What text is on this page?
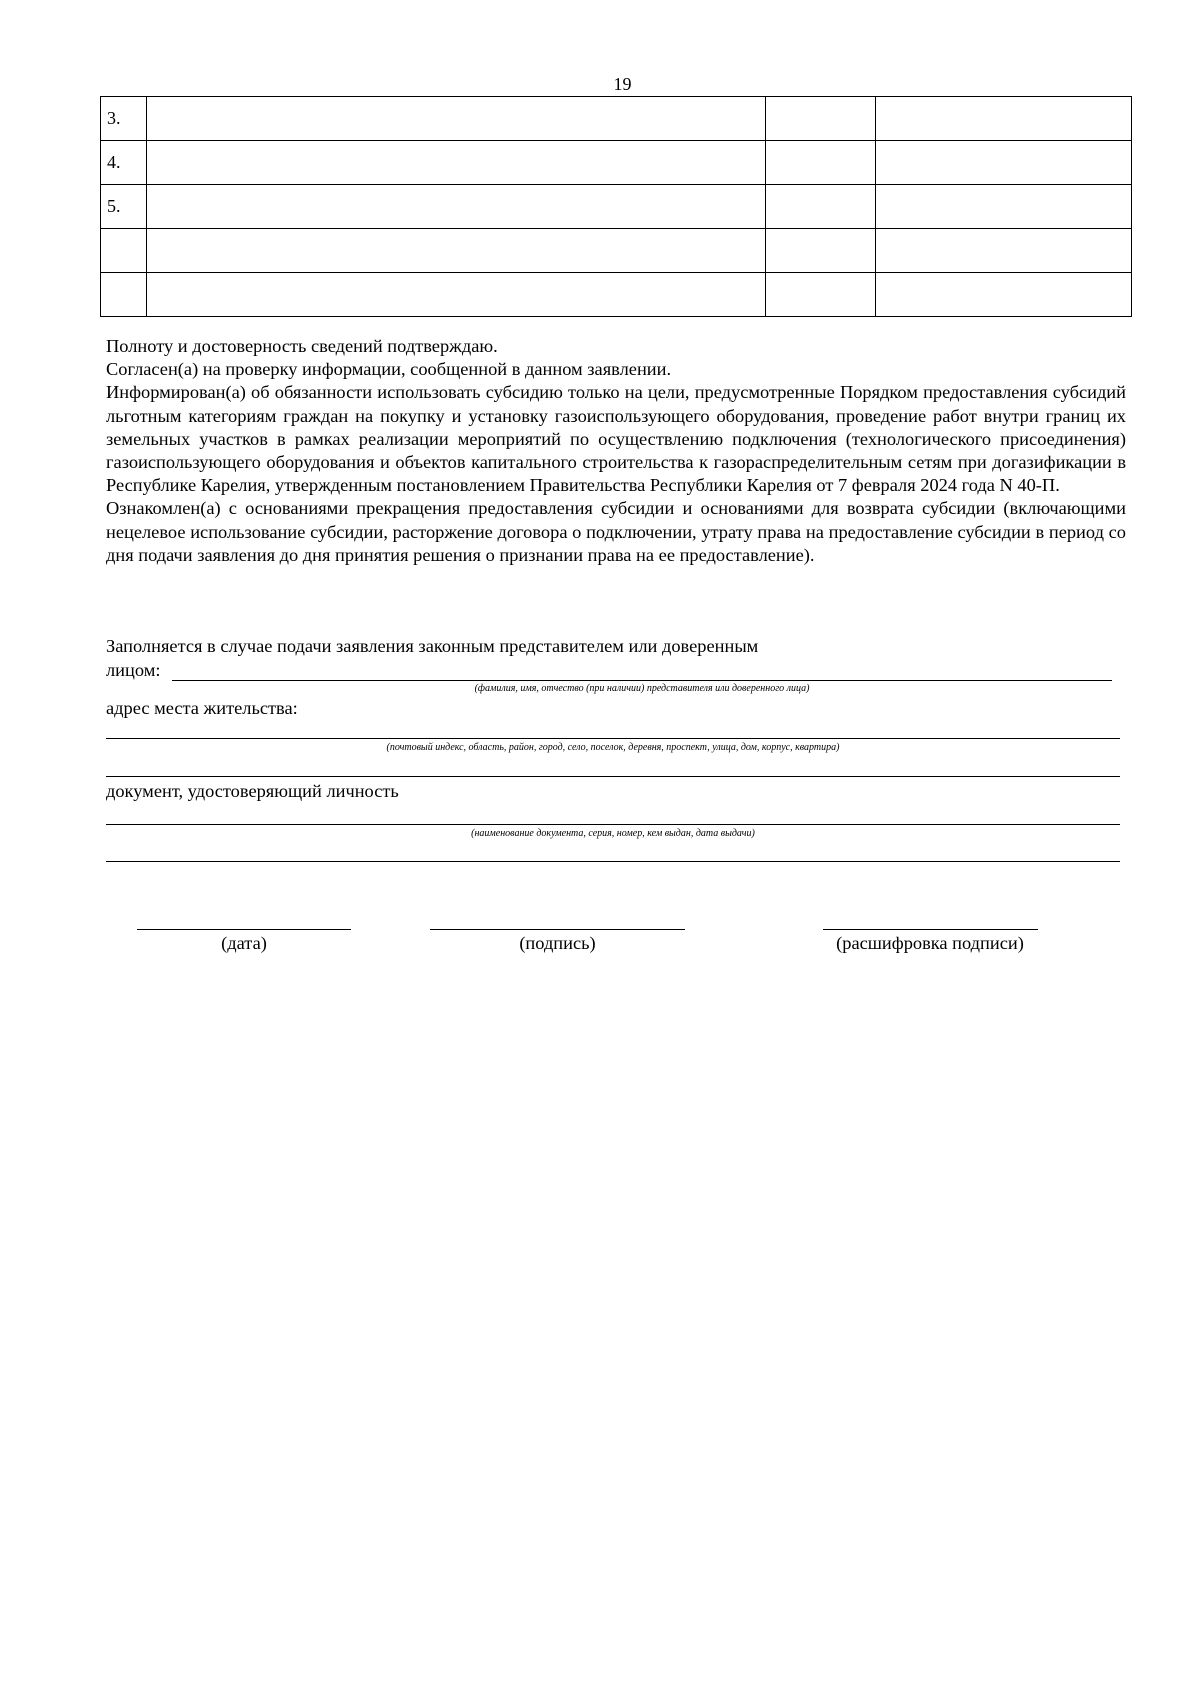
19
3.			
4.			
5.			

Полноту и достоверность сведений подтверждаю.

Согласен(а) на проверку информации, сообщенной в данном заявлении.

Информирован(а) об обязанности использовать субсидию только на цели, предусмотренные Порядком предоставления субсидий льготным категориям граждан на покупку и установку газоиспользующего оборудования, проведение работ внутри границ их земельных участков в рамках реализации мероприятий по осуществлению подключения (технологического присоединения) газоиспользующего оборудования и объектов капитального строительства к газораспределительным сетям при догазификации в Республике Карелия, утвержденным постановлением Правительства Республики Карелия от 7 февраля 2024 года N 40-П.

Ознакомлен(а) с основаниями прекращения предоставления субсидии и основаниями для возврата субсидии (включающими нецелевое использование субсидии, расторжение договора о подключении, утрату права на предоставление субсидии в период со дня подачи заявления до дня принятия решения о признании права на ее предоставление).

Заполняется в случае подачи заявления законным представителем или доверенным
лицом:
(фамилия, имя, отчество (при наличии) представителя или доверенного лица)
адрес места жительства:
(почтовый индекс, область, район, город, село, поселок, деревня, проспект, улица, дом, корпус, квартира)
документ, удостоверяющий личность
(наименование документа, серия, номер, кем выдан, дата выдачи)
(дата)	(подпись)	(расшифровка подписи)
